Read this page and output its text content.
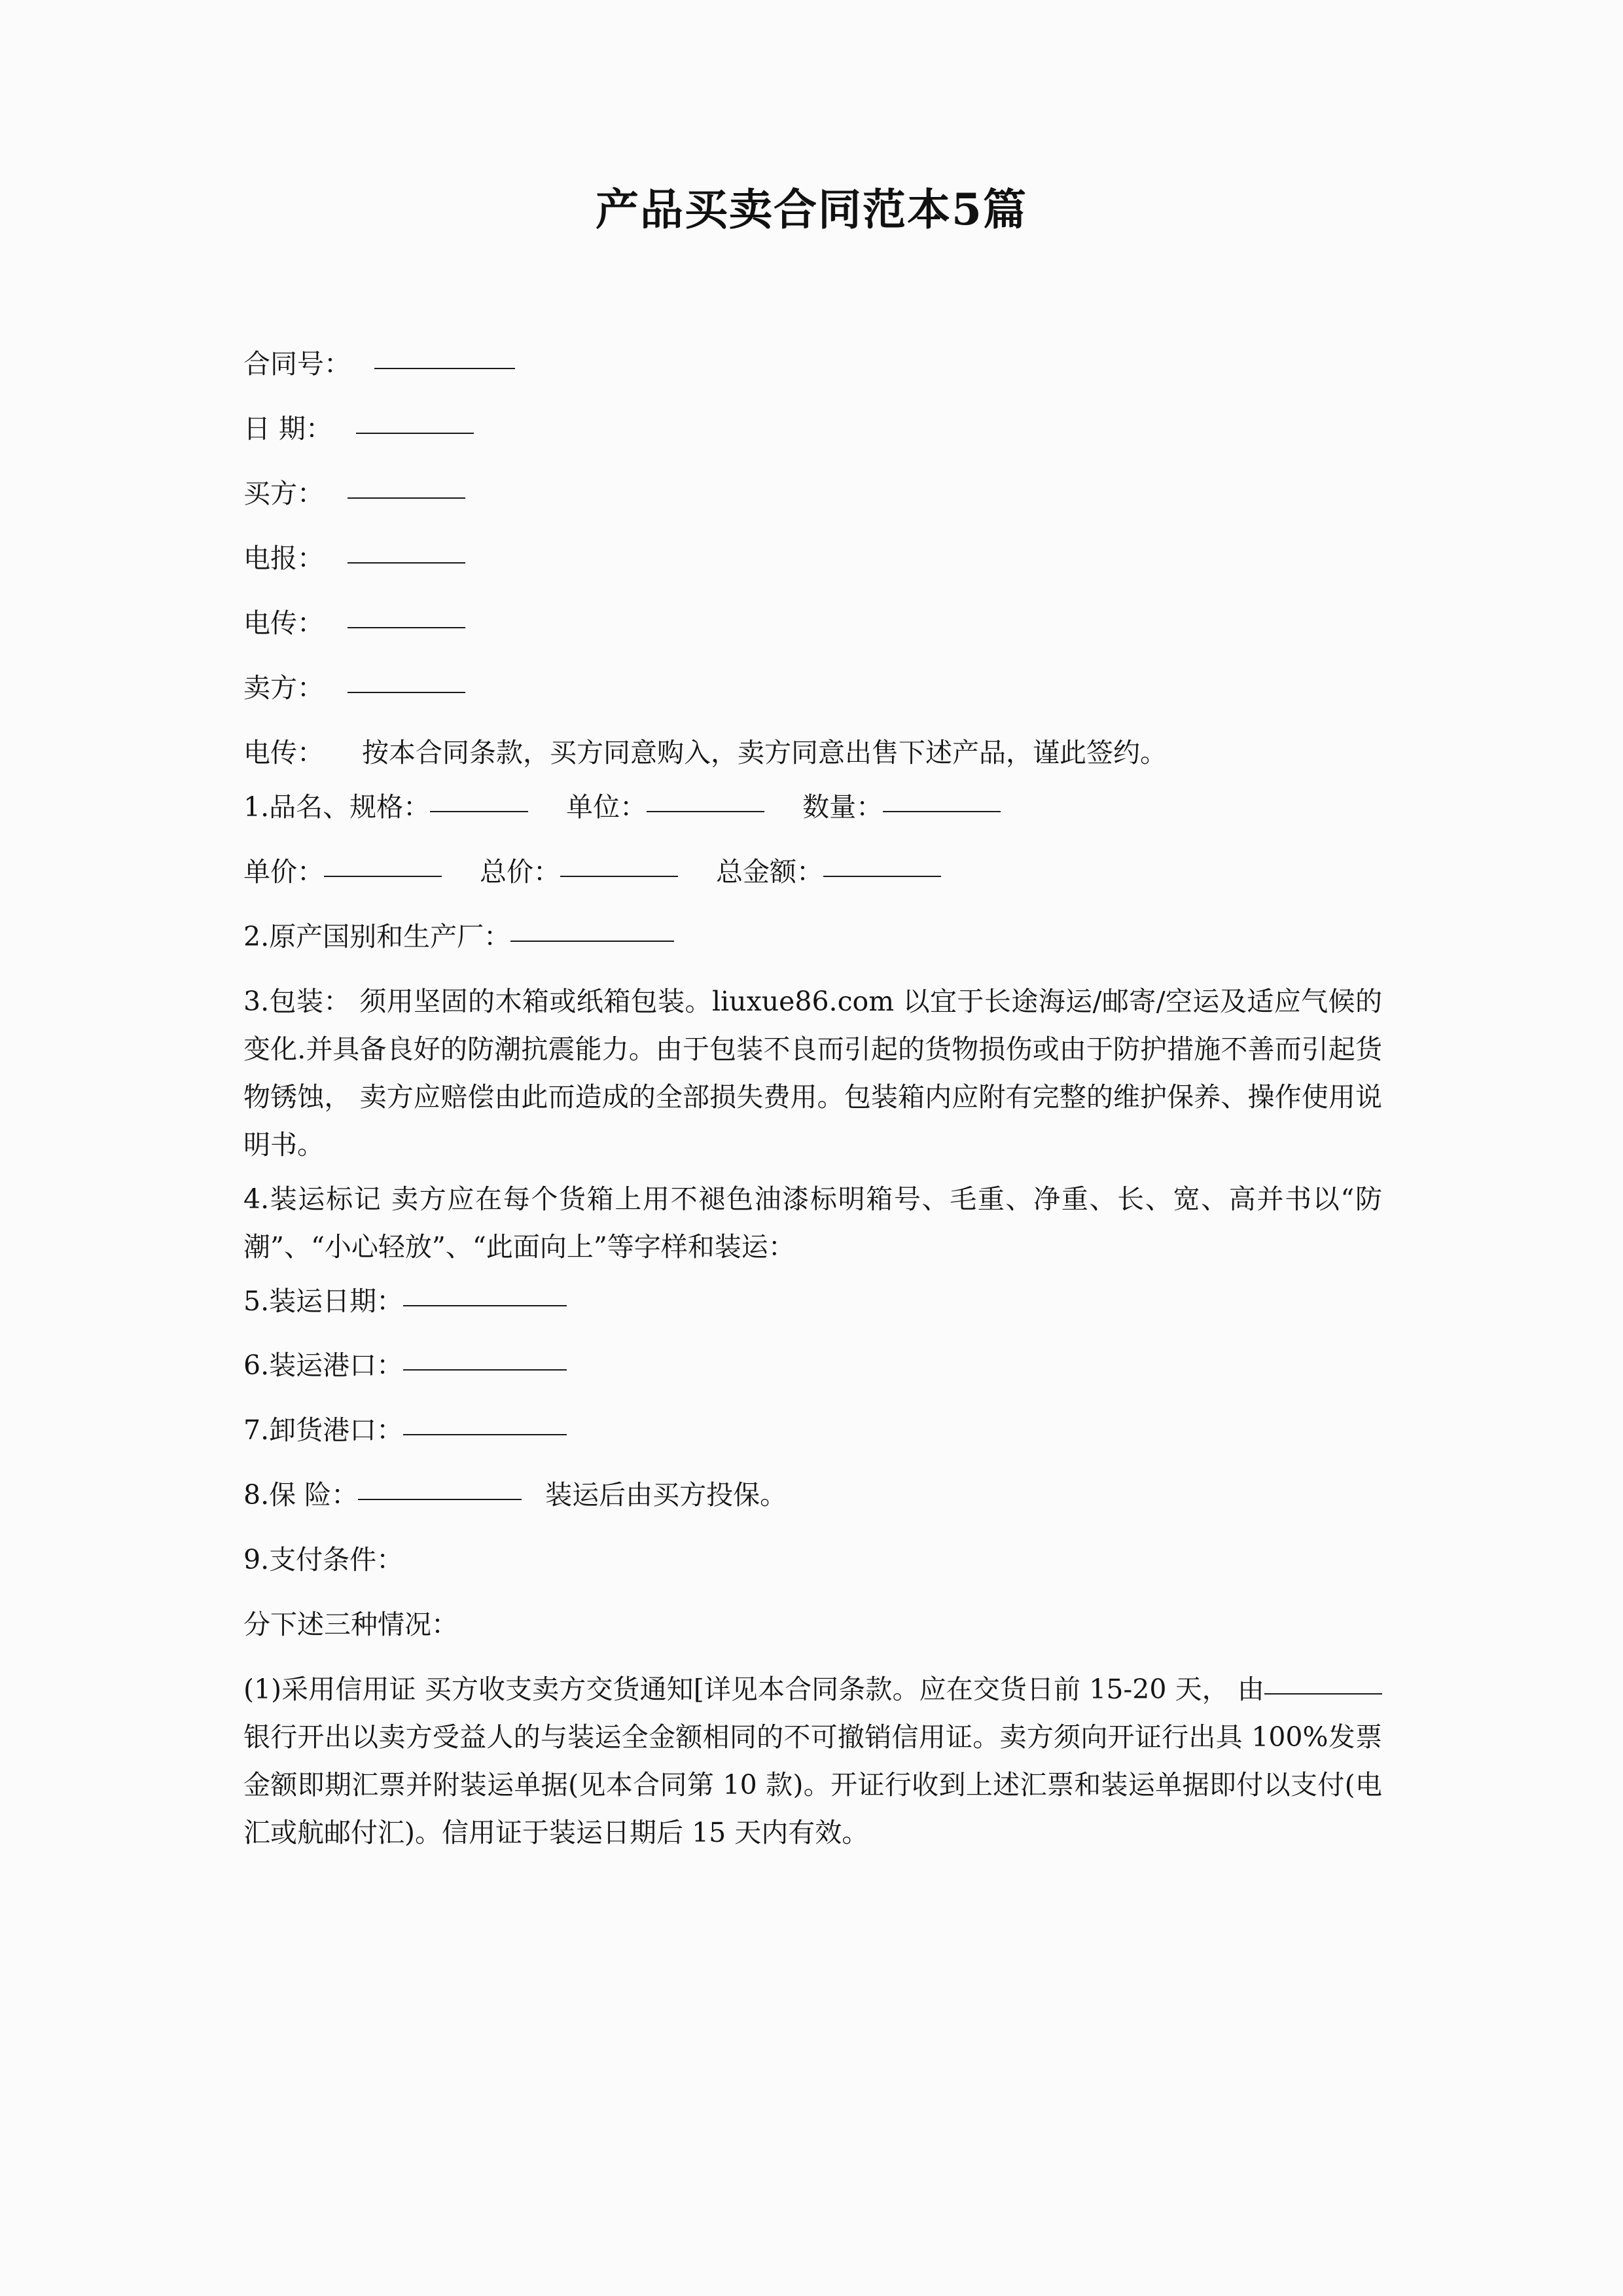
产品买卖合同范本5篇

合同号：

日 期：

买方：

电报：

电传：

卖方：

电传： 按本合同条款，买方同意购入，卖方同意出售下述产品，谨此签约。

1.品名、规格：	单位：	数量：

单价：	总价：	总金额：

2.原产国别和生产厂：

3.包装： 须用坚固的木箱或纸箱包装。liuxue86.com 以宜于长途海运/邮寄/空运及适应气候的变化.并具备良好的防潮抗震能力。由于包装不良而引起的货物损伤或由于防护措施不善而引起货物锈蚀， 卖方应赔偿由此而造成的全部损失费用。包装箱内应附有完整的维护保养、操作使用说明书。

4.装运标记 卖方应在每个货箱上用不褪色油漆标明箱号、毛重、净重、长、宽、高并书以“防潮”、“小心轻放”、“此面向上”等字样和装运：

5.装运日期：

6.装运港口：

7.卸货港口：

8.保 险：	装运后由买方投保。

9.支付条件：

分下述三种情况：

(1)采用信用证 买方收支卖方交货通知[详见本合同条款。应在交货日前 15-20 天， 由银行开出以卖方受益人的与装运全金额相同的不可撤销信用证。卖方须向开证行出具 100%发票金额即期汇票并附装运单据(见本合同第 10 款)。开证行收到上述汇票和装运单据即付以支付(电汇或航邮付汇)。信用证于装运日期后 15 天内有效。
